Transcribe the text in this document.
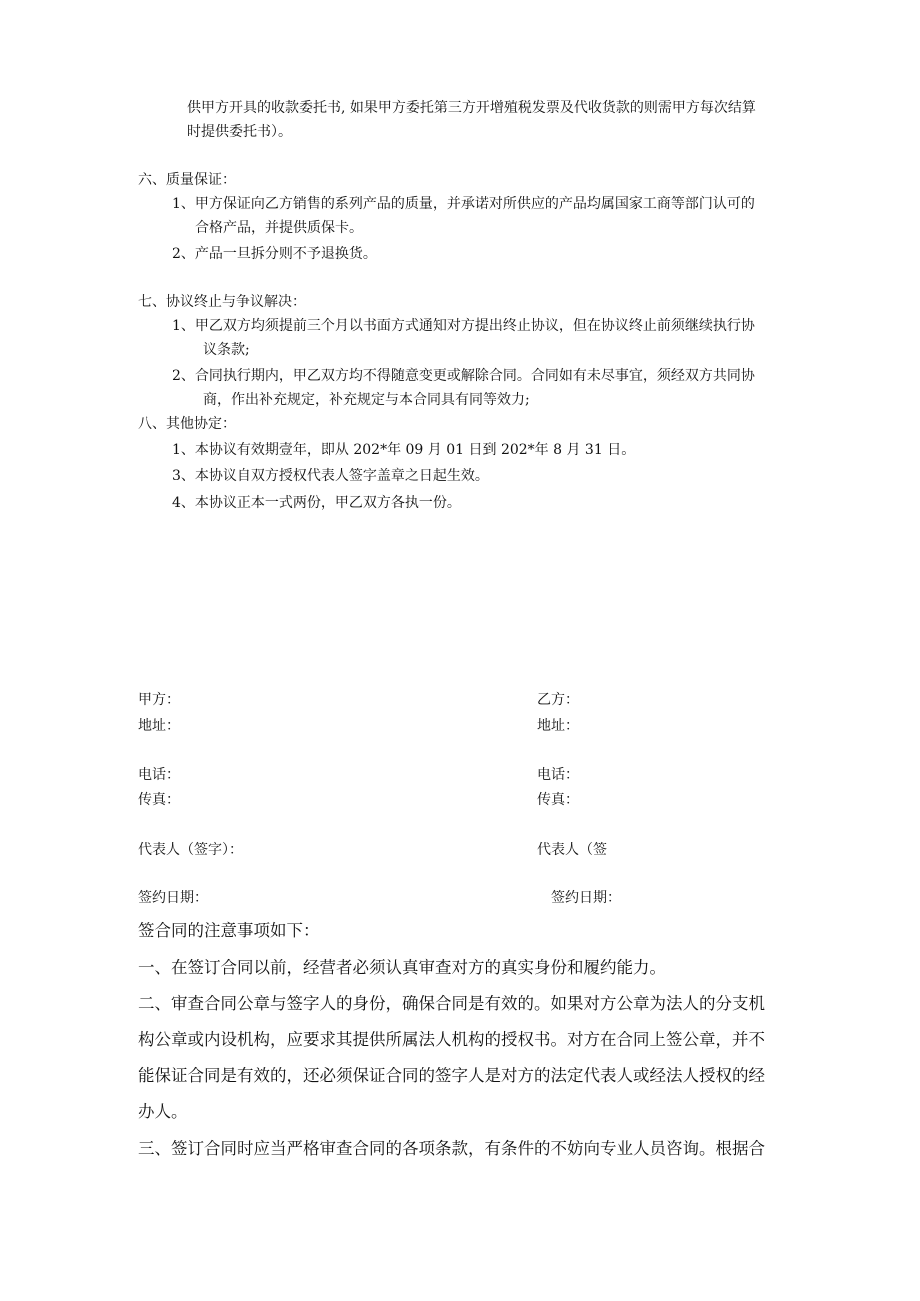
供甲方开具的收款委托书, 如果甲方委托第三方开增殖税发票及代收货款的则需甲方每次结算
时提供委托书）。
六、质量保证：
1、甲方保证向乙方销售的系列产品的质量，并承诺对所供应的产品均属国家工商等部门认可的
合格产品，并提供质保卡。
2、产品一旦拆分则不予退换货。
七、协议终止与争议解决：
1、甲乙双方均须提前三个月以书面方式通知对方提出终止协议，但在协议终止前须继续执行协
议条款;
2、合同执行期内，甲乙双方均不得随意变更或解除合同。合同如有未尽事宜，须经双方共同协
商，作出补充规定，补充规定与本合同具有同等效力;
八、其他协定：
1、本协议有效期壹年，即从 202*年 09 月 01 日到 202*年 8 月 31 日。
3、本协议自双方授权代表人签字盖章之日起生效。
4、本协议正本一式两份，甲乙双方各执一份。
甲方：	乙方：
地址：	地址：
电话：	电话：
传真：	传真：
代表人（签字）：	代表人（签
签约日期：	签约日期：
签合同的注意事项如下：
一、在签订合同以前，经营者必须认真审查对方的真实身份和履约能力。
二、审查合同公章与签字人的身份，确保合同是有效的。如果对方公章为法人的分支机
构公章或内设机构，应要求其提供所属法人机构的授权书。对方在合同上签公章，并不
能保证合同是有效的，还必须保证合同的签字人是对方的法定代表人或经法人授权的经
办人。
三、签订合同时应当严格审查合同的各项条款，有条件的不妨向专业人员咨询。根据合
